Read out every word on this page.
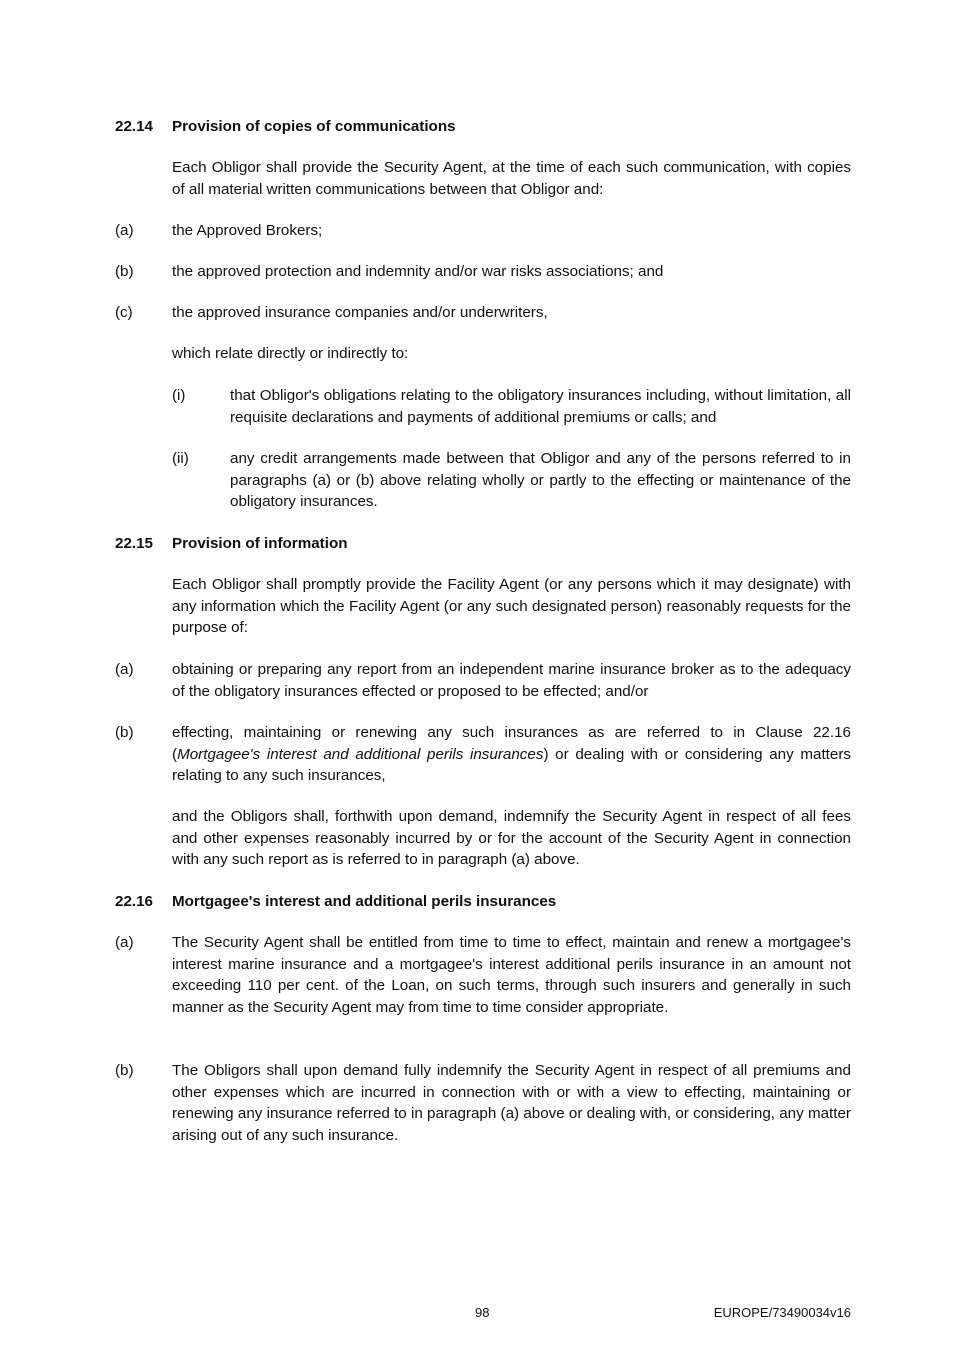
22.14 Provision of copies of communications

Each Obligor shall provide the Security Agent, at the time of each such communication, with copies of all material written communications between that Obligor and:

(a)	the Approved Brokers;

(b)	the approved protection and indemnity and/or war risks associations; and

(c)	the approved insurance companies and/or underwriters,

which relate directly or indirectly to:

(i)	that Obligor's obligations relating to the obligatory insurances including, without limitation, all requisite declarations and payments of additional premiums or calls; and

(ii)	any credit arrangements made between that Obligor and any of the persons referred to in paragraphs (a) or (b) above relating wholly or partly to the effecting or maintenance of the obligatory insurances.

22.15 Provision of information

Each Obligor shall promptly provide the Facility Agent (or any persons which it may designate) with any information which the Facility Agent (or any such designated person) reasonably requests for the purpose of:

(a)	obtaining or preparing any report from an independent marine insurance broker as to the adequacy of the obligatory insurances effected or proposed to be effected; and/or

(b)	effecting, maintaining or renewing any such insurances as are referred to in Clause 22.16 (Mortgagee's interest and additional perils insurances) or dealing with or considering any matters relating to any such insurances,

and the Obligors shall, forthwith upon demand, indemnify the Security Agent in respect of all fees and other expenses reasonably incurred by or for the account of the Security Agent in connection with any such report as is referred to in paragraph (a) above.

22.16 Mortgagee's interest and additional perils insurances
(a)	The Security Agent shall be entitled from time to time to effect, maintain and renew a mortgagee's interest marine insurance and a mortgagee's interest additional perils insurance in an amount not exceeding 110 per cent. of the Loan, on such terms, through such insurers and generally in such manner as the Security Agent may from time to time consider appropriate.

(b)	The Obligors shall upon demand fully indemnify the Security Agent in respect of all premiums and other expenses which are incurred in connection with or with a view to effecting, maintaining or renewing any insurance referred to in paragraph (a) above or dealing with, or considering, any matter arising out of any such insurance.

98	EUROPE/73490034v16
